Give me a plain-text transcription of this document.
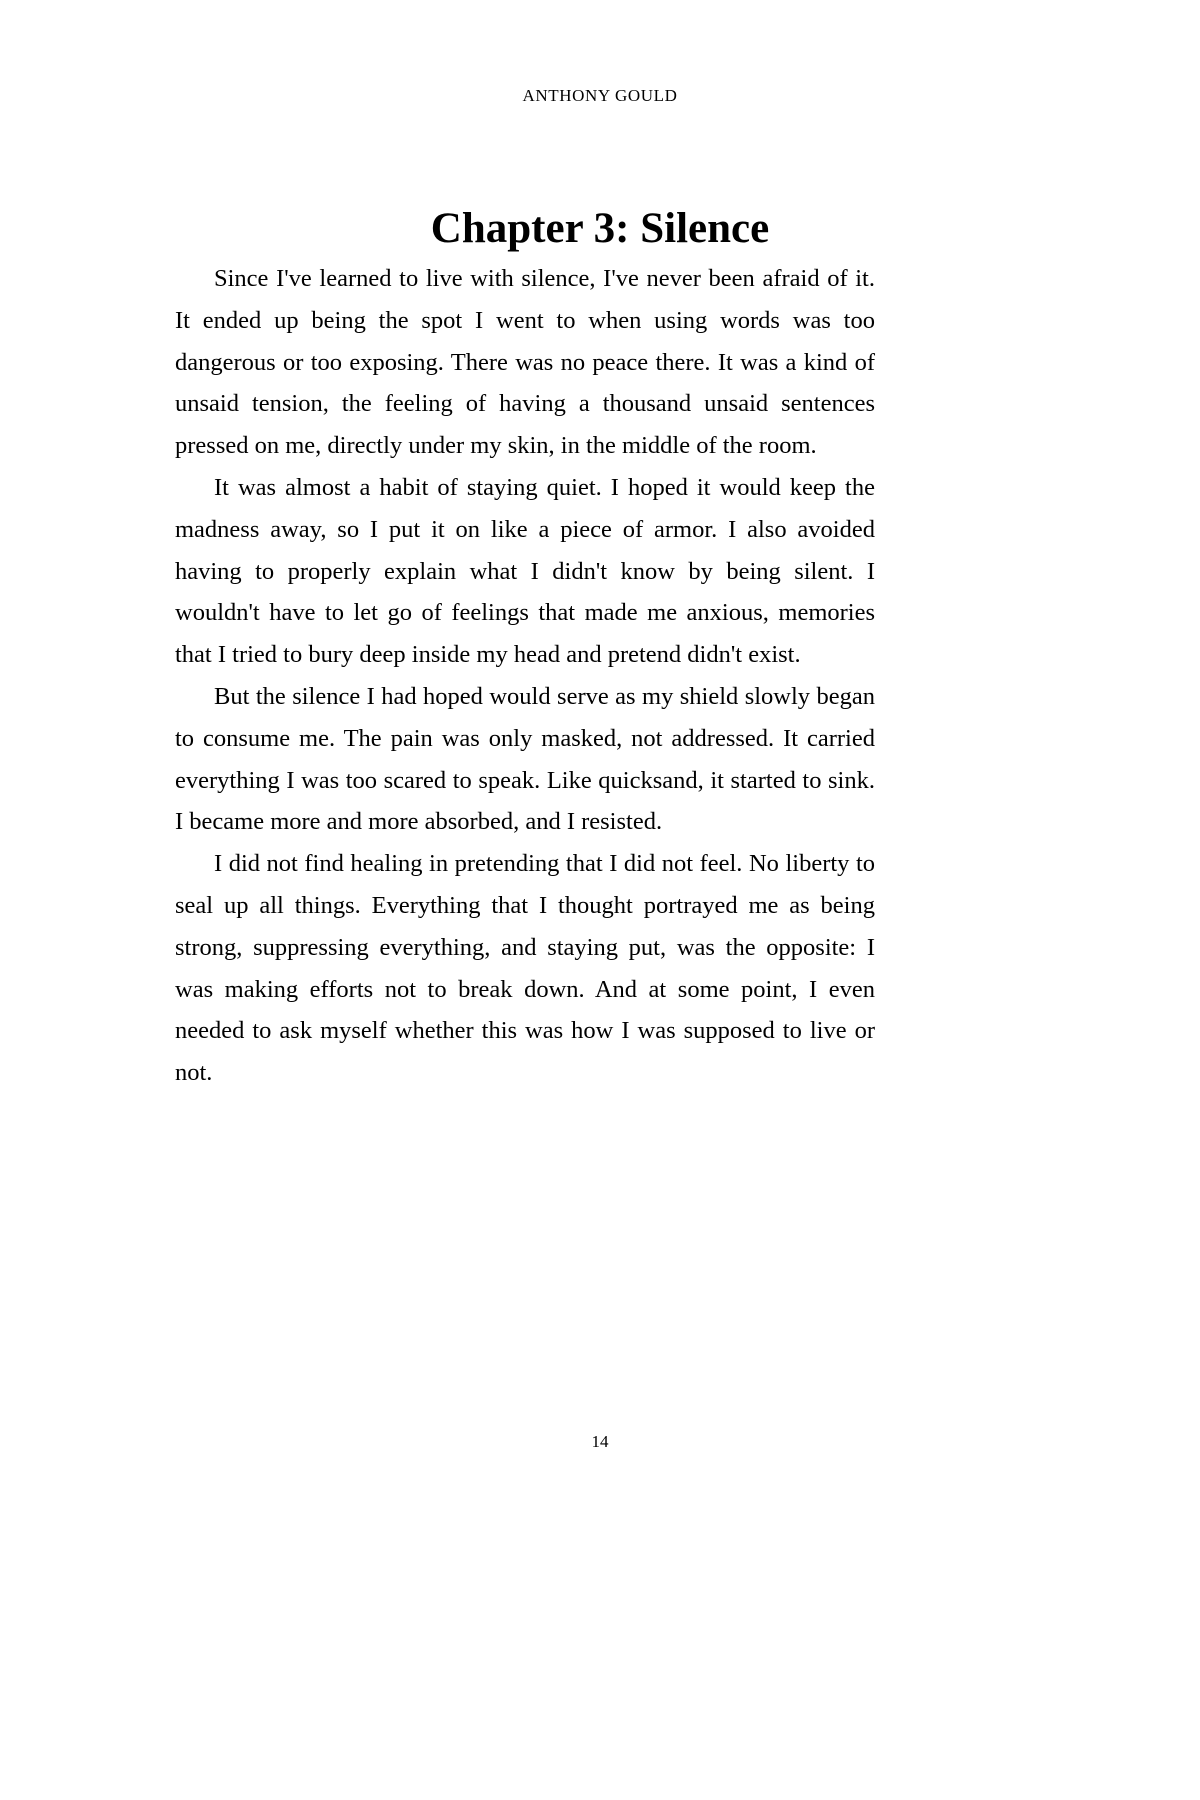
ANTHONY GOULD
Chapter 3: Silence

Since I've learned to live with silence, I've never been afraid of it. It ended up being the spot I went to when using words was too dangerous or too exposing. There was no peace there. It was a kind of unsaid tension, the feeling of having a thousand unsaid sentences pressed on me, directly under my skin, in the middle of the room.

It was almost a habit of staying quiet. I hoped it would keep the madness away, so I put it on like a piece of armor. I also avoided having to properly explain what I didn't know by being silent. I wouldn't have to let go of feelings that made me anxious, memories that I tried to bury deep inside my head and pretend didn't exist.

But the silence I had hoped would serve as my shield slowly began to consume me. The pain was only masked, not addressed. It carried everything I was too scared to speak. Like quicksand, it started to sink. I became more and more absorbed, and I resisted.

I did not find healing in pretending that I did not feel. No liberty to seal up all things. Everything that I thought portrayed me as being strong, suppressing everything, and staying put, was the opposite: I was making efforts not to break down. And at some point, I even needed to ask myself whether this was how I was supposed to live or not.

14
